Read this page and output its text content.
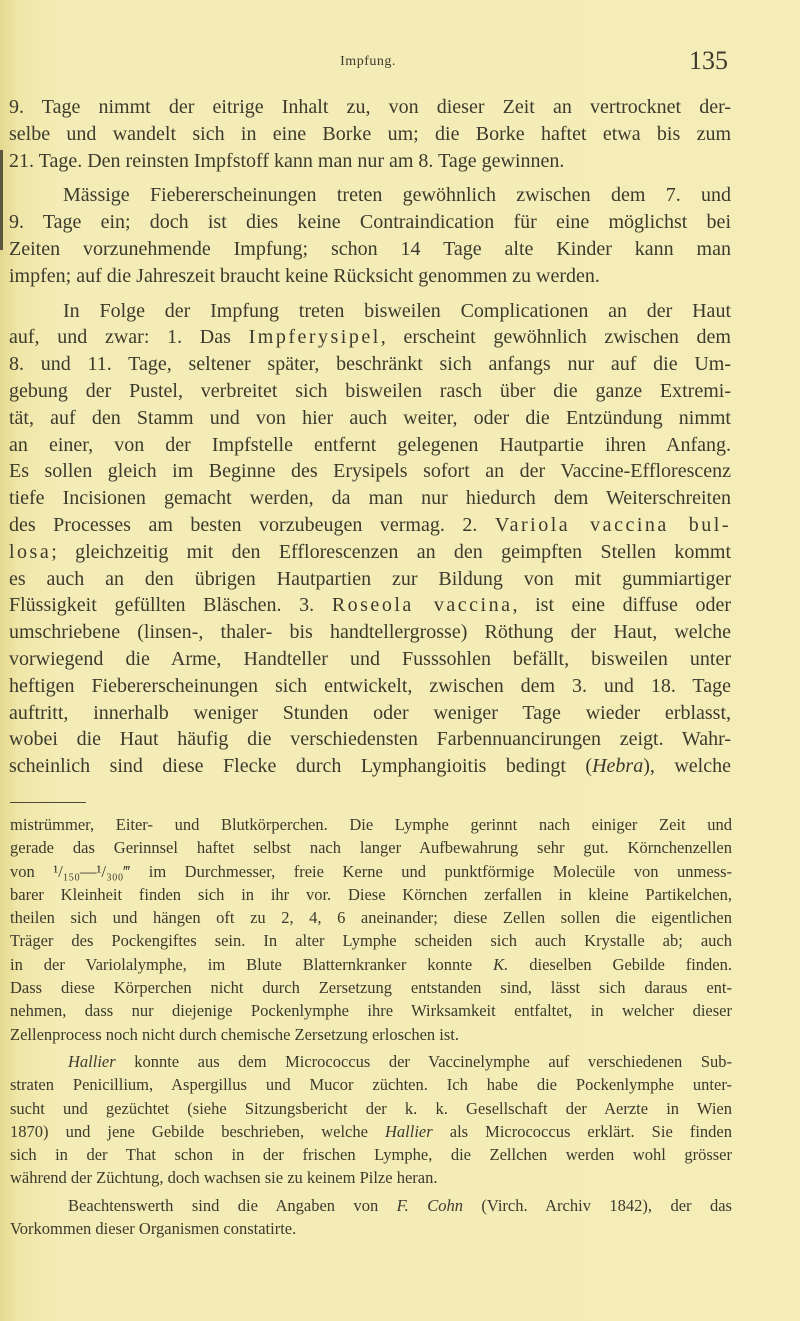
Impfung.	135
9. Tage nimmt der eitrige Inhalt zu, von dieser Zeit an vertrocknet der-
selbe und wandelt sich in eine Borke um; die Borke haftet etwa bis zum
21. Tage. Den reinsten Impfstoff kann man nur am 8. Tage gewinnen.
Mässige Fiebererscheinungen treten gewöhnlich zwischen dem 7. und
9. Tage ein; doch ist dies keine Contraindication für eine möglichst bei
Zeiten vorzunehmende Impfung; schon 14 Tage alte Kinder kann man
impfen; auf die Jahreszeit braucht keine Rücksicht genommen zu werden.
In Folge der Impfung treten bisweilen Complicationen an der Haut
auf, und zwar: 1. Das Impferysipel, erscheint gewöhnlich zwischen dem
8. und 11. Tage, seltener später, beschränkt sich anfangs nur auf die Um-
gebung der Pustel, verbreitet sich bisweilen rasch über die ganze Extremi-
tät, auf den Stamm und von hier auch weiter, oder die Entzündung nimmt
an einer, von der Impfstelle entfernt gelegenen Hautpartie ihren Anfang.
Es sollen gleich im Beginne des Erysipels sofort an der Vaccine-Efflorescenz
tiefe Incisionen gemacht werden, da man nur hiedurch dem Weiterschreiten
des Processes am besten vorzubeugen vermag. 2. Variola vaccina bul-
losa; gleichzeitig mit den Efflorescenzen an den geimpften Stellen kommt
es auch an den übrigen Hautpartien zur Bildung von mit gummiartiger
Flüssigkeit gefüllten Bläschen. 3. Roseola vaccina, ist eine diffuse oder
umschriebene (linsen-, thaler- bis handtellergrosse) Röthung der Haut, welche
vorwiegend die Arme, Handteller und Fusssohlen befällt, bisweilen unter
heftigen Fiebererscheinungen sich entwickelt, zwischen dem 3. und 18. Tage
auftritt, innerhalb weniger Stunden oder weniger Tage wieder erblasst,
wobei die Haut häufig die verschiedensten Farbennuancirungen zeigt. Wahr-
scheinlich sind diese Flecke durch Lymphangioitis bedingt (Hebra), welche
mistrümmer, Eiter- und Blutkörperchen. Die Lymphe gerinnt nach einiger Zeit und
gerade das Gerinnsel haftet selbst nach langer Aufbewahrung sehr gut. Körnchenzellen
von ¹/₁₅₀—¹/₃₀₀‴ im Durchmesser, freie Kerne und punktförmige Molecüle von unmess-
barer Kleinheit finden sich in ihr vor. Diese Körnchen zerfallen in kleine Partikelchen,
theilen sich und hängen oft zu 2, 4, 6 aneinander; diese Zellen sollen die eigentlichen
Träger des Pockengiftes sein. In alter Lymphe scheiden sich auch Krystalle ab; auch
in der Variolalymphe, im Blute Blatternkranker konnte K. dieselben Gebilde finden.
Dass diese Körperchen nicht durch Zersetzung entstanden sind, lässt sich daraus ent-
nehmen, dass nur diejenige Pockenlymphe ihre Wirksamkeit entfaltet, in welcher dieser
Zellenprocess noch nicht durch chemische Zersetzung erloschen ist.
Hallier konnte aus dem Micrococcus der Vaccinelymphe auf verschiedenen Sub-
straten Penicillium, Aspergillus und Mucor züchten. Ich habe die Pockenlymphe unter-
sucht und gezüchtet (siehe Sitzungsbericht der k. k. Gesellschaft der Aerzte in Wien
1870) und jene Gebilde beschrieben, welche Hallier als Micrococcus erklärt. Sie finden
sich in der That schon in der frischen Lymphe, die Zellchen werden wohl grösser
während der Züchtung, doch wachsen sie zu keinem Pilze heran.
Beachtenswerth sind die Angaben von F. Cohn (Virch. Archiv 1842), der das
Vorkommen dieser Organismen constatirte.
